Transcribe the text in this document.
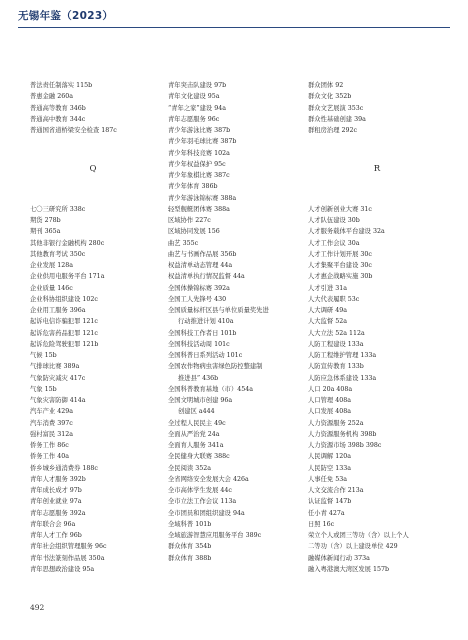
无锡年鉴（2023）
普法责任制落实 115b
普惠金融 260a
普通高等教育 346b
普通高中教育 344c
普通国省道桥梁安全检查 187c
Q
七〇三研究所 338c
期货 278b
期刊 365a
其他非银行金融机构 280c
其他教育考试 350c
企业发展 128a
企业供用电服务平台 171a
企业质量 146c
企业科协组织建设 102c
企业用工服务 396a
起诉电信诈骗犯罪 121c
起诉危害药品犯罪 121c
起诉危险驾驶犯罪 121b
气候 15b
气排球比赛 389a
气象防灾减灾 417c
气象 15b
气象灾害防御 414a
汽车产业 429a
汽车消费 397c
强村富民 312a
侨务工作 86c
侨务工作 40a
侨乡城乡通消费券 188c
青年人才服务 392b
青年成长成才 97b
青年创业就业 97a
青年志愿服务 392a
青年联合会 96a
青年人才工作 96b
青年社会组织管理服务 96c
青年书法篆刻作品展 350a
青年思想政治建设 95a
青年突击队建设 97b
青年文化建设 95a
“青年之家”建设 94a
青年志愿服务 96c
青少年游泳比赛 387b
青少年羽毛球比赛 387b
青少年科技竞赛 102a
青少年权益保护 95c
青少年象棋比赛 387c
青少年体育 386b
青少年游泳锦标赛 388a
轻型舰艇团体赛 388a
区域协作 227c
区域协同发展 156
曲艺 355c
曲艺与书画作品展 356b
权益清单动态管理 44a
权益清单执行情况监督 44a
全国体操锦标赛 392a
全国工人先锋号 430
全国质量标杆区县与单位质量奖先进
行动推进计划 410a
全国科技工作者日 101b
全国科技活动周 101c
全国科普日系列活动 101c
全国农作物病虫害绿色防控整建制
推进县” 436b
全国科普教育基地（市）454a
全国文明城市创建 96a
创建区 a444
全过程人民民主 49c
全面从严治党 24a
全面育人服务 341a
全民健身大联赛 388c
全民阅读 352a
全省网络安全发展大会 426a
全市高体学生发展 44c
全市立法工作会议 113a
全市团员和团组织建设 94a
全域科普 101b
全域旅游智慧应用服务平台 389c
群众体育 354b
群众体育 388b
群众团体 92
群众文化 352b
群众文艺展演 353c
群众性基础创建 39a
群租房治理 292c
R
人才创新创业大赛 31c
人才队伍建设 30b
人才服务载体平台建设 32a
人才工作会议 30a
人才工作计划开展 30c
人才集聚平台建设 30c
人才惠企战略实施 30b
人才引进 31a
人大代表履职 53c
人大调研 49a
人大监督 52a
人大立法 52a 112a
人防工程建设 133a
人防工程维护管理 133a
人防宣传教育 133b
人防应急体系建设 133a
人口 20a 408a
人口管理 408a
人口发展 408a
人力资源服务 252a
人力资源服务机构 398b
人力资源市场 398b 398c
人民调解 120a
人民防空 133a
人事任免 53a
人文交流合作 213a
认证监督 147b
任小青 427a
日照 16c
荣立个人或团三等功（含）以上个人
二等功（含）以上建设单位 429
融媒体新闻行动 373a
融入粤港澳大湾区发展 157b
492
